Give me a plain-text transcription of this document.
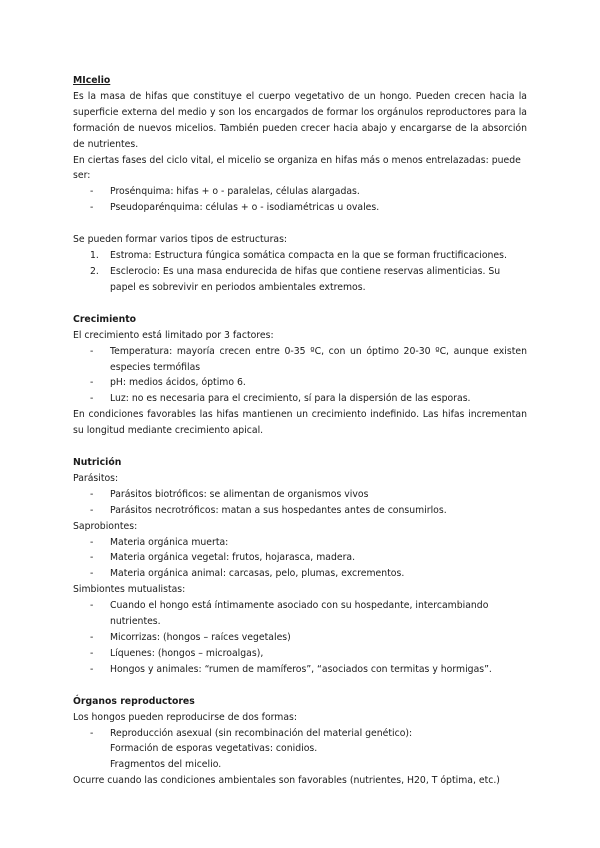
MIcelio

Es la masa de hifas que constituye el cuerpo vegetativo de un hongo. Pueden crecen hacia la superficie externa del medio y son los encargados de formar los orgánulos reproductores para la formación de nuevos micelios. También pueden crecer hacia abajo y encargarse de la absorción de nutrientes.

En ciertas fases del ciclo vital, el micelio se organiza en hifas más o menos entrelazadas: puede ser:

-	Prosénquima: hifas + o - paralelas, células alargadas.
-	Pseudoparénquima: células + o - isodiamétricas u ovales.

Se pueden formar varios tipos de estructuras:

1.	Estroma: Estructura fúngica somática compacta en la que se forman fructificaciones.
2.	Esclerocio: Es una masa endurecida de hifas que contiene reservas alimenticias. Su papel es sobrevivir en periodos ambientales extremos.

Crecimiento

El crecimiento está limitado por 3 factores:

-	Temperatura: mayoría crecen entre 0-35 ºC, con un óptimo 20-30 ºC, aunque existen especies termófilas
-	pH: medios ácidos, óptimo 6.
-	Luz: no es necesaria para el crecimiento, sí para la dispersión de las esporas.

En condiciones favorables las hifas mantienen un crecimiento indefinido. Las hifas incrementan su longitud mediante crecimiento apical.

Nutrición

Parásitos:

-	Parásitos biotróficos: se alimentan de organismos vivos
-	Parásitos necrotróficos: matan a sus hospedantes antes de consumirlos.

Saprobiontes:

-	Materia orgánica muerta:
-	Materia orgánica vegetal: frutos, hojarasca, madera.
-	Materia orgánica animal: carcasas, pelo, plumas, excrementos.

Simbiontes mutualistas:

-	Cuando el hongo está íntimamente asociado con su hospedante, intercambiando nutrientes.
-	Micorrizas: (hongos – raíces vegetales)
-	Líquenes: (hongos – microalgas),
-	Hongos y animales: “rumen de mamíferos”, “asociados con termitas y hormigas”.

Órganos reproductores

Los hongos pueden reproducirse de dos formas:

-	Reproducción asexual (sin recombinación del material genético):

Formación de esporas vegetativas: conidios.

Fragmentos del micelio.

Ocurre cuando las condiciones ambientales son favorables (nutrientes, H20, T óptima, etc.)
